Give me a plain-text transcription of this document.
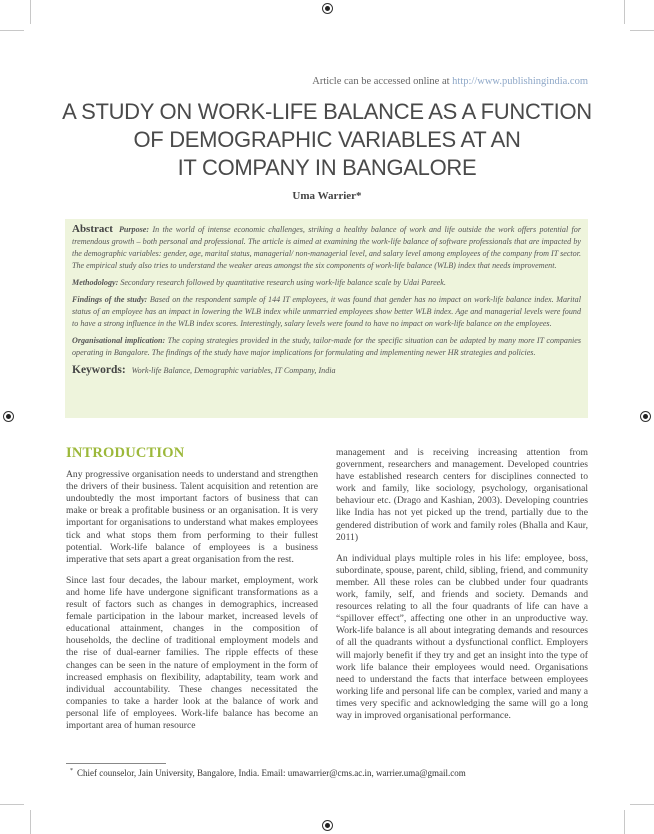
Article can be accessed online at http://www.publishingindia.com
A STUDY ON WORK-LIFE BALANCE AS A FUNCTION
OF DEMOGRAPHIC VARIABLES AT AN
IT COMPANY IN BANGALORE
Uma Warrier*

Abstract Purpose: In the world of intense economic challenges, striking a healthy balance of work and life outside the work offers potential for tremendous growth – both personal and professional. The article is aimed at examining the work-life balance of software professionals that are impacted by the demographic variables: gender, age, marital status, managerial/ non-managerial level, and salary level among employees of the company from IT sector. The empirical study also tries to understand the weaker areas amongst the six components of work-life balance (WLB) index that needs improvement.

Methodology: Secondary research followed by quantitative research using work-life balance scale by Udai Pareek.

Findings of the study: Based on the respondent sample of 144 IT employees, it was found that gender has no impact on work-life balance index. Marital status of an employee has an impact in lowering the WLB index while unmarried employees show better WLB index. Age and managerial levels were found to have a strong influence in the WLB index scores. Interestingly, salary levels were found to have no impact on work-life balance on the employees.

Organisational implication: The coping strategies provided in the study, tailor-made for the specific situation can be adapted by many more IT companies operating in Bangalore. The findings of the study have major implications for formulating and implementing newer HR strategies and policies.

Keywords: Work-life Balance, Demographic variables, IT Company, India

INTRODUCTION

Any progressive organisation needs to understand and strengthen the drivers of their business. Talent acquisition and retention are undoubtedly the most important factors of business that can make or break a profitable business or an organisation. It is very important for organisations to understand what makes employees tick and what stops them from performing to their fullest potential. Work-life balance of employees is a business imperative that sets apart a great organisation from the rest.

Since last four decades, the labour market, employment, work and home life have undergone significant transformations as a result of factors such as changes in demographics, increased female participation in the labour market, increased levels of educational attainment, changes in the composition of households, the decline of traditional employment models and the rise of dual-earner families. The ripple effects of these changes can be seen in the nature of employment in the form of increased emphasis on flexibility, adaptability, team work and individual accountability. These changes necessitated the companies to take a harder look at the balance of work and personal life of employees. Work-life balance has become an important area of human resource

management and is receiving increasing attention from government, researchers and management. Developed countries have established research centers for disciplines connected to work and family, like sociology, psychology, organisational behaviour etc. (Drago and Kashian, 2003). Developing countries like India has not yet picked up the trend, partially due to the gendered distribution of work and family roles (Bhalla and Kaur, 2011)

An individual plays multiple roles in his life: employee, boss, subordinate, spouse, parent, child, sibling, friend, and community member. All these roles can be clubbed under four quadrants work, family, self, and friends and society. Demands and resources relating to all the four quadrants of life can have a “spillover effect”, affecting one other in an unproductive way. Work-life balance is all about integrating demands and resources of all the quadrants without a dysfunctional conflict. Employers will majorly benefit if they try and get an insight into the type of work life balance their employees would need. Organisations need to understand the facts that interface between employees working life and personal life can be complex, varied and many a times very specific and acknowledging the same will go a long way in improved organisational performance.

* Chief counselor, Jain University, Bangalore, India. Email: umawarrier@cms.ac.in, warrier.uma@gmail.com
